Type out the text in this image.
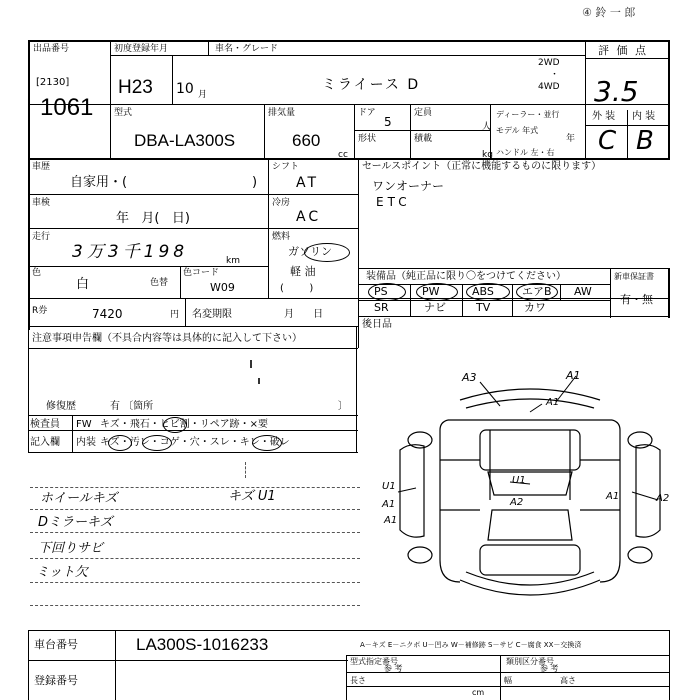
出品番号
[2130]
1061
初度登録年月	車名・グレード
H23 10 月
ミライース D
2WD
・
4WD
評 価 点
3.5
④ 鈴 一 郎
型式
DBA-LA300S
排気量
660
cc
ドア
5
定員
人
形状	積載
kg
ディーラー・並行
モデル 年式
年
ハンドル 左・右
外 装 内 装
C B
車歴
自家用・(	)
シフト
AT
車検
年   月(   日)
冷房
AC
走行
3万3千198	km
燃料
ガソリン
軽 油
(        )
色
白	色替
色コード
W09
セールスポイント（正常に機能するものに限ります）
ワンオーナー
ETC
装備品（純正品に限り〇をつけてください）
PS	PW	ABS	エアB AW
SR	ナビ	TV	カワ
新車保証書
有・無
R券	7420	円 名変期限	月      日
後日品
注意事項申告欄（不具合内容等は具体的に記入して下さい）
修復歴	有 〔箇所	〕
検査員
記入欄
FW キズ・飛石・ヒビ割・リペア跡・×要
内装 キズ・汚レ・コゲ・穴・スレ・キレ・破レ
ホイールキズ
Dミラーキズ
下回りサビ
ミット欠
キズ U1
A3	A1
A1
U1
A1
A1
A2
A2
U1
A1
A－キズ E－ニクボ U－凹み W－補修跡 S－サビ C－腐食 XX－交換済
車台番号	LA300S-1016233
登録番号
型式指定番号	類別区分番号
参 考	参 考
長さ
cm
幅	高さ
